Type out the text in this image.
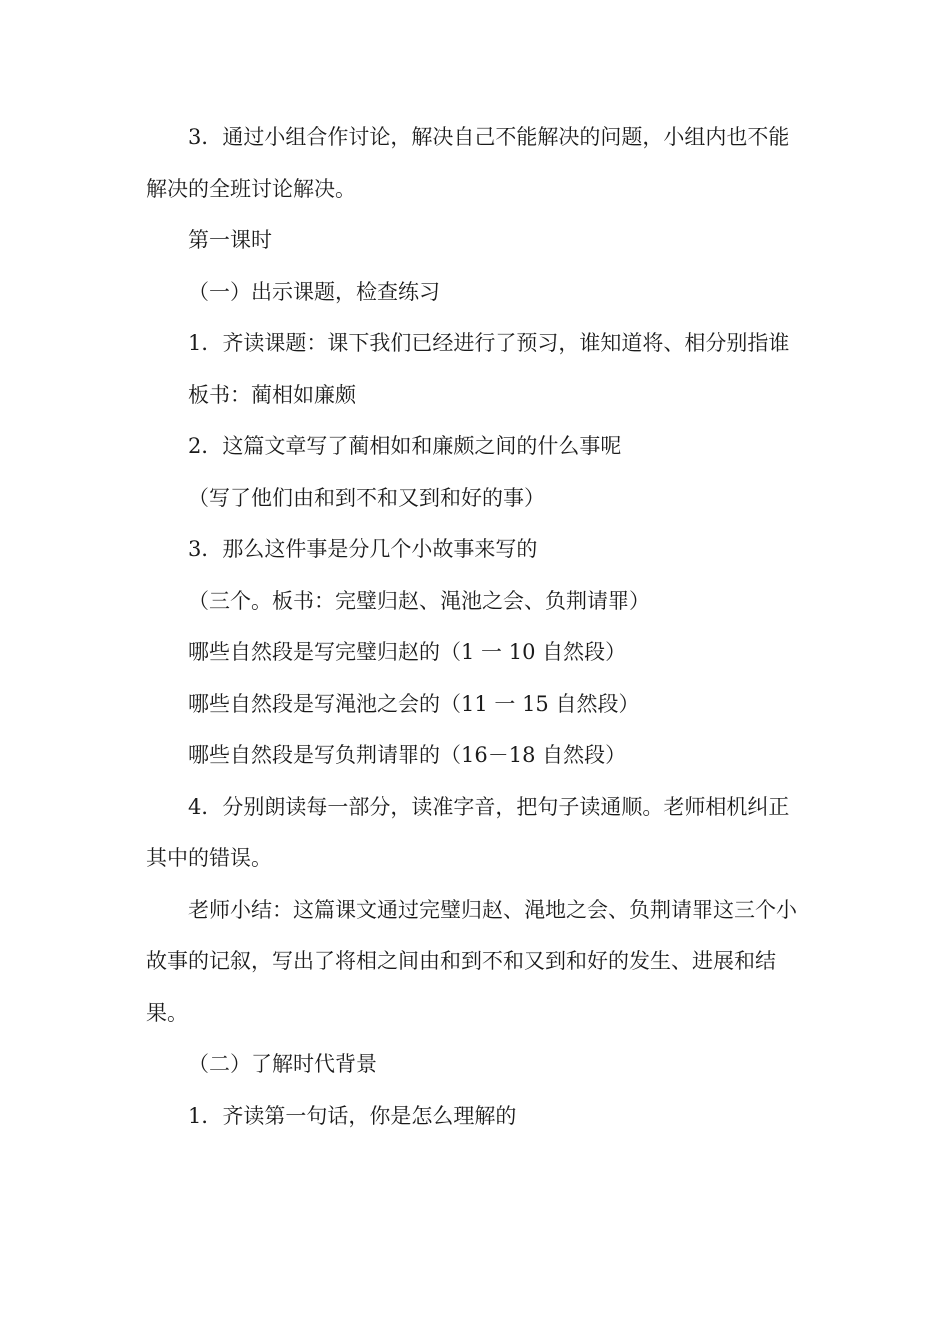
3．通过小组合作讨论，解决自己不能解决的问题，小组内也不能解决的全班讨论解决。

第一课时

（一）出示课题，检查练习

1．齐读课题：课下我们已经进行了预习，谁知道将、相分别指谁

板书：蔺相如廉颇

2．这篇文章写了蔺相如和廉颇之间的什么事呢

（写了他们由和到不和又到和好的事）

3．那么这件事是分几个小故事来写的

（三个。板书：完璧归赵、渑池之会、负荆请罪）

哪些自然段是写完璧归赵的（1 一 10 自然段）

哪些自然段是写渑池之会的（11 一 15 自然段）

哪些自然段是写负荆请罪的（16－18 自然段）

4．分别朗读每一部分，读准字音，把句子读通顺。老师相机纠正其中的错误。

老师小结：这篇课文通过完璧归赵、渑地之会、负荆请罪这三个小故事的记叙，写出了将相之间由和到不和又到和好的发生、进展和结果。

（二）了解时代背景

1．齐读第一句话，你是怎么理解的
